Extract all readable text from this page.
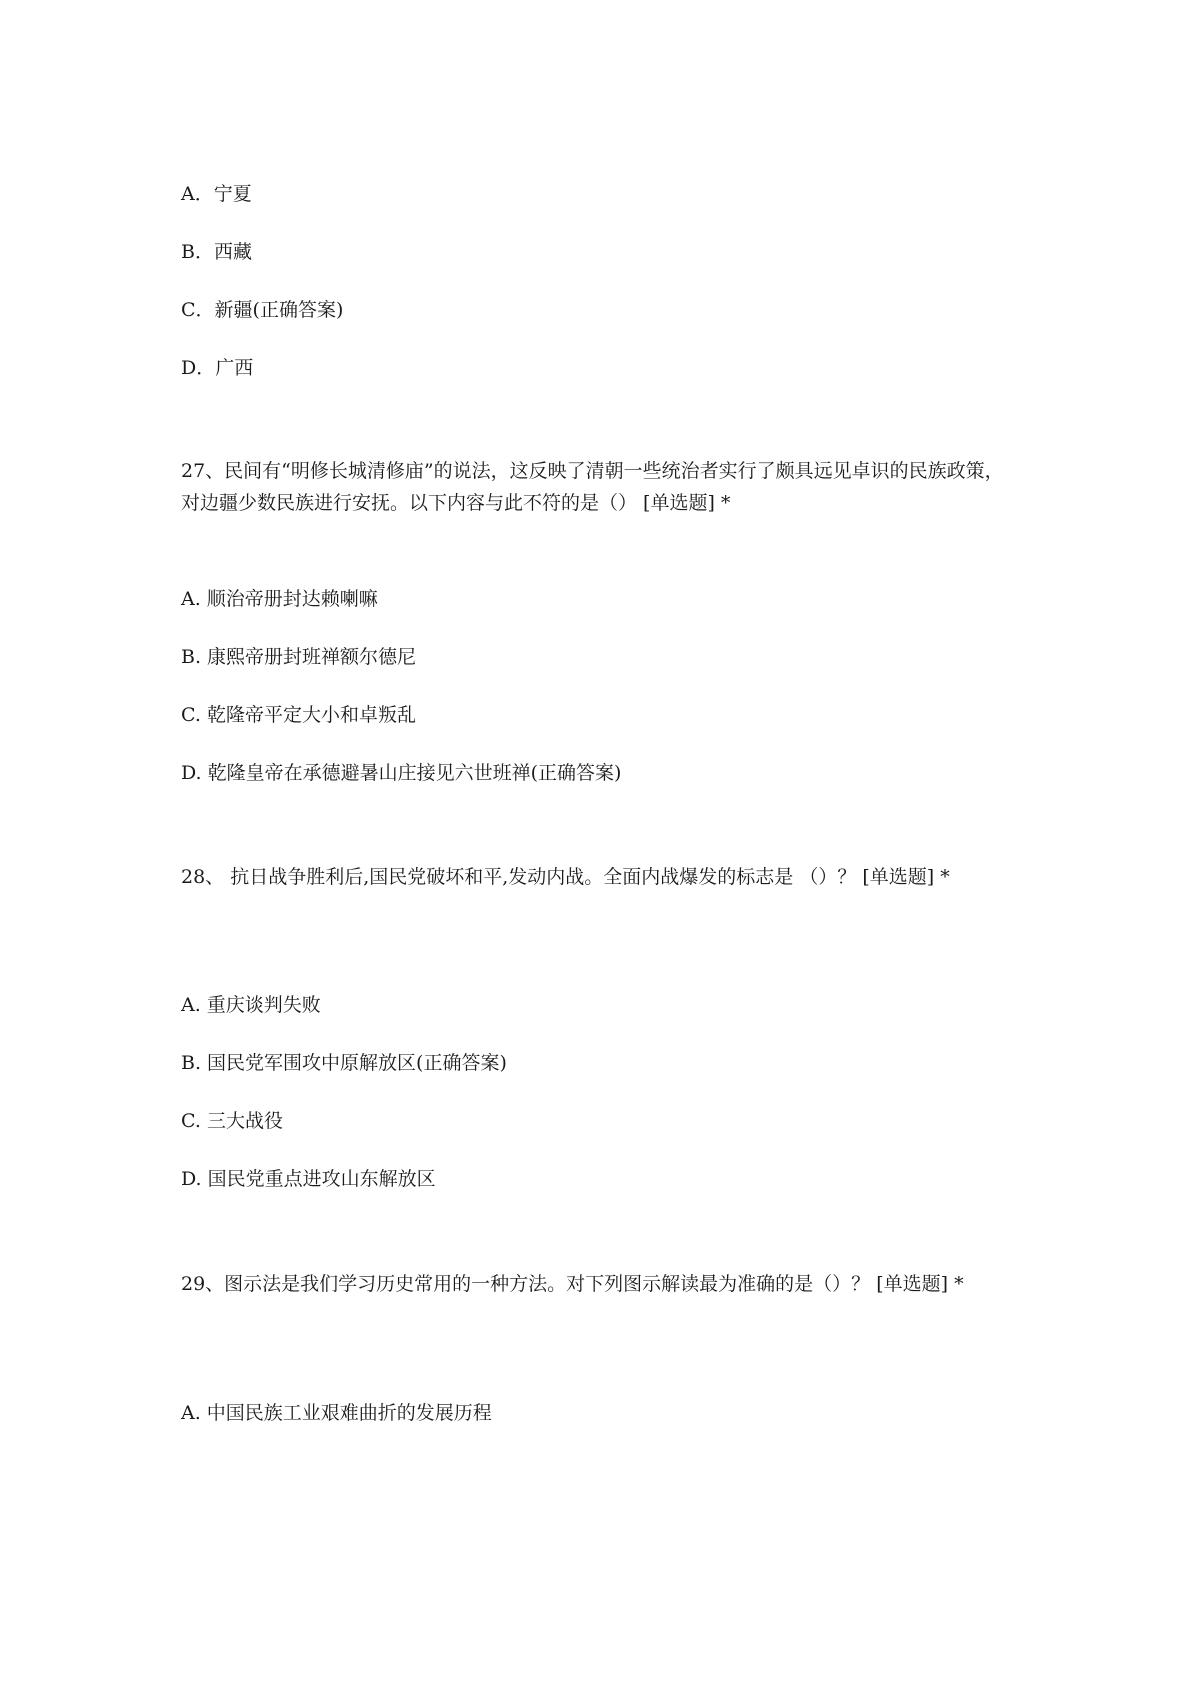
A．宁夏
B．西藏
C．新疆(正确答案)
D．广西
27、民间有“明修长城清修庙”的说法，这反映了清朝一些统治者实行了颇具远见卓识的民族政策，对边疆少数民族进行安抚。以下内容与此不符的是（） [单选题] *
A. 顺治帝册封达赖喇嘛
B. 康熙帝册封班禅额尔德尼
C. 乾隆帝平定大小和卓叛乱
D. 乾隆皇帝在承德避暑山庄接见六世班禅(正确答案)
28、 抗日战争胜利后,国民党破坏和平,发动内战。全面内战爆发的标志是 （）？ [单选题] *
A. 重庆谈判失败
B. 国民党军围攻中原解放区(正确答案)
C. 三大战役
D. 国民党重点进攻山东解放区
29、图示法是我们学习历史常用的一种方法。对下列图示解读最为准确的是（）？ [单选题] *
A. 中国民族工业艰难曲折的发展历程
